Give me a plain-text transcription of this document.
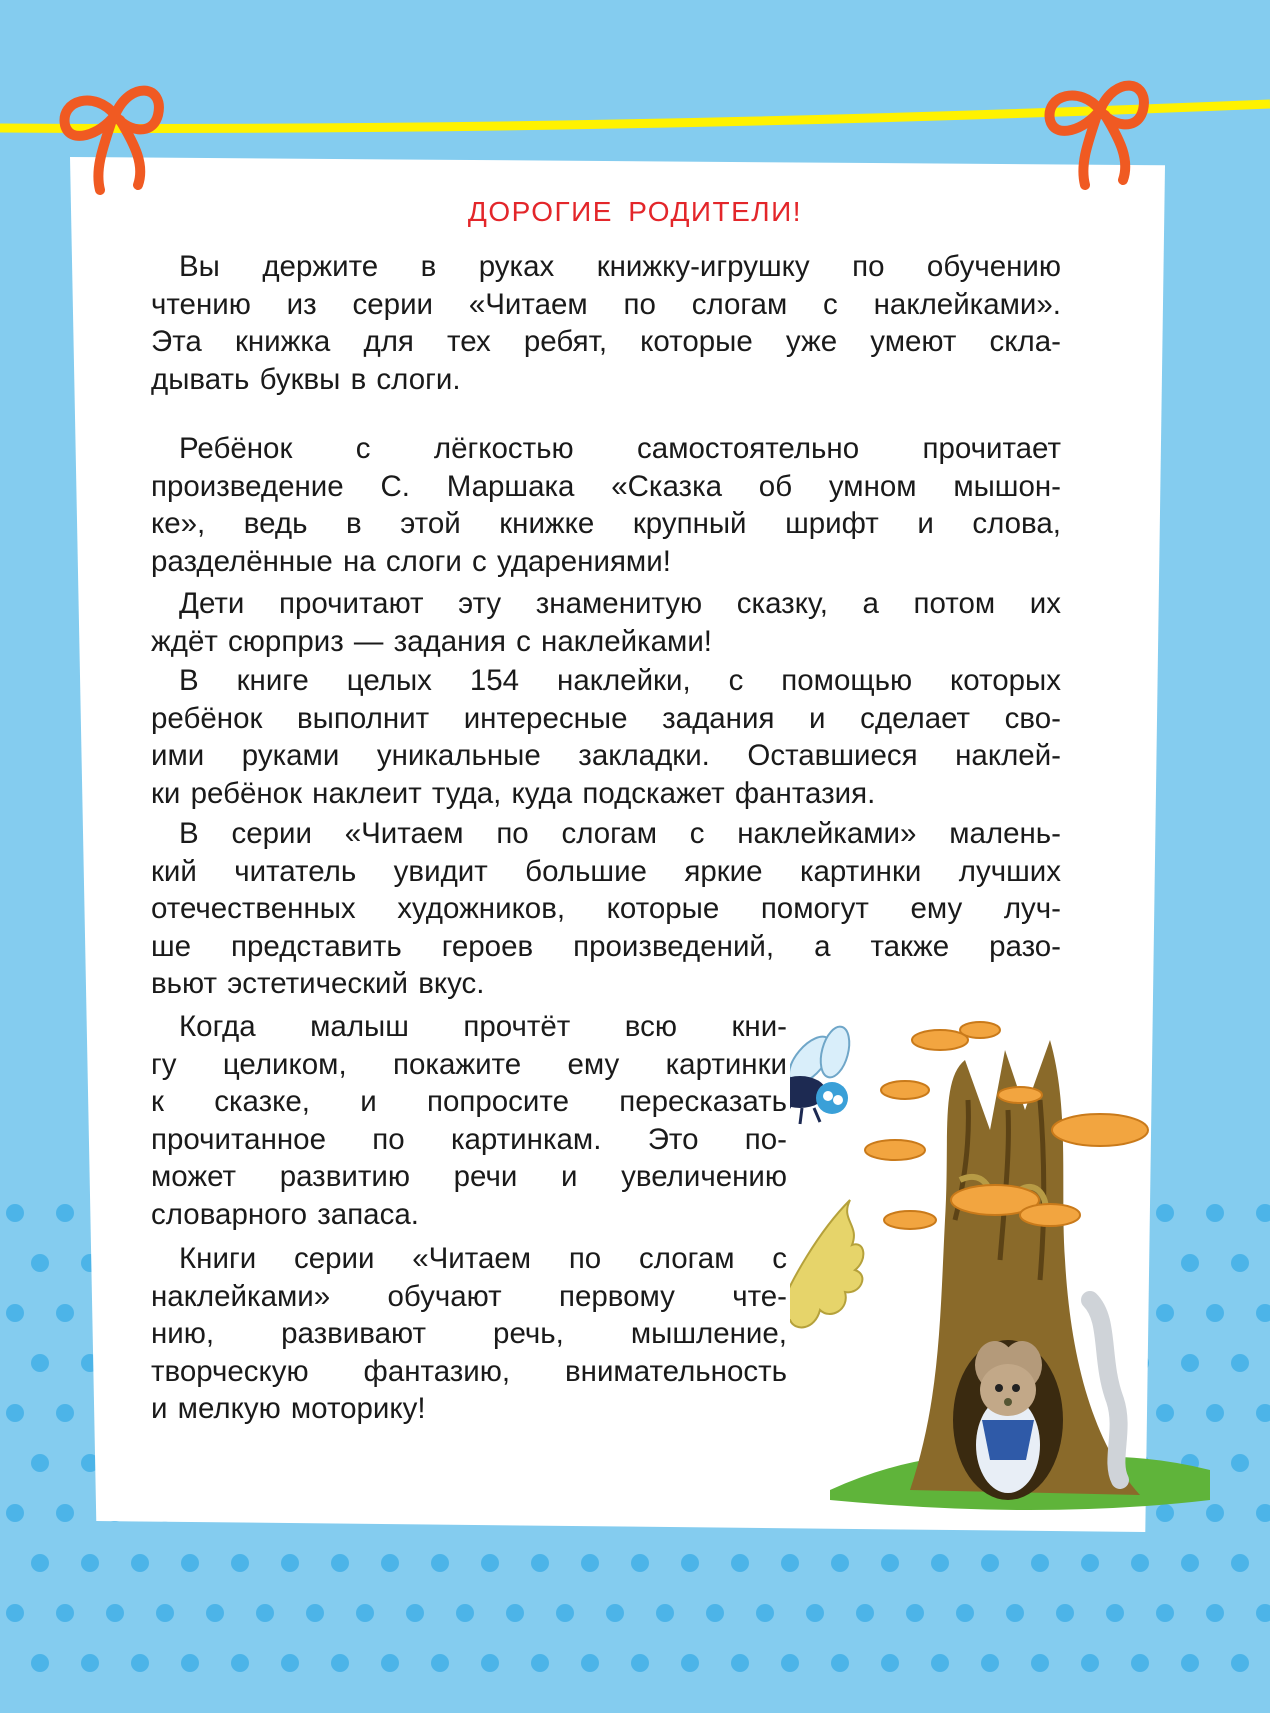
ДОРОГИЕ РОДИТЕЛИ!
Вы держите в руках книжку-игрушку по обучению
чтению из серии «Читаем по слогам с наклейками».
Эта книжка для тех ребят, которые уже умеют скла-
дывать буквы в слоги.
Ребёнок с лёгкостью самостоятельно прочитает
произведение С. Маршака «Сказка об умном мышон-
ке», ведь в этой книжке крупный шрифт и слова,
разделённые на слоги с ударениями!
Дети прочитают эту знаменитую сказку, а потом их
ждёт сюрприз — задания с наклейками!
В книге целых 154 наклейки, с помощью которых
ребёнок выполнит интересные задания и сделает сво-
ими руками уникальные закладки. Оставшиеся наклей-
ки ребёнок наклеит туда, куда подскажет фантазия.
В серии «Читаем по слогам с наклейками» малень-
кий читатель увидит большие яркие картинки лучших
отечественных художников, которые помогут ему луч-
ше представить героев произведений, а также разо-
вьют эстетический вкус.
Когда малыш прочтёт всю кни-
гу целиком, покажите ему картинки
к сказке, и попросите пересказать
прочитанное по картинкам. Это по-
может развитию речи и увеличению
словарного запаса.
Книги серии «Читаем по слогам с
наклейками» обучают первому чте-
нию, развивают речь, мышление,
творческую фантазию, внимательность
и мелкую моторику!
